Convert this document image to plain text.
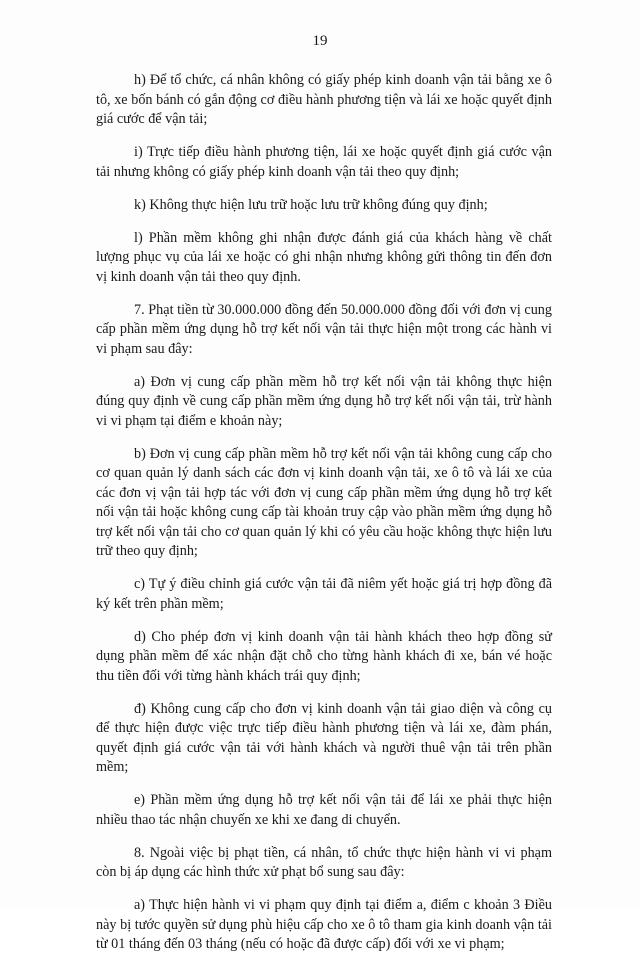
19

h) Để tổ chức, cá nhân không có giấy phép kinh doanh vận tải bằng xe ô tô, xe bốn bánh có gắn động cơ điều hành phương tiện và lái xe hoặc quyết định giá cước để vận tải;

i) Trực tiếp điều hành phương tiện, lái xe hoặc quyết định giá cước vận tải nhưng không có giấy phép kinh doanh vận tải theo quy định;

k) Không thực hiện lưu trữ hoặc lưu trữ không đúng quy định;

l) Phần mềm không ghi nhận được đánh giá của khách hàng về chất lượng phục vụ của lái xe hoặc có ghi nhận nhưng không gửi thông tin đến đơn vị kinh doanh vận tải theo quy định.

7. Phạt tiền từ 30.000.000 đồng đến 50.000.000 đồng đối với đơn vị cung cấp phần mềm ứng dụng hỗ trợ kết nối vận tải thực hiện một trong các hành vi vi phạm sau đây:

a) Đơn vị cung cấp phần mềm hỗ trợ kết nối vận tải không thực hiện đúng quy định về cung cấp phần mềm ứng dụng hỗ trợ kết nối vận tải, trừ hành vi vi phạm tại điểm e khoản này;

b) Đơn vị cung cấp phần mềm hỗ trợ kết nối vận tải không cung cấp cho cơ quan quản lý danh sách các đơn vị kinh doanh vận tải, xe ô tô và lái xe của các đơn vị vận tải hợp tác với đơn vị cung cấp phần mềm ứng dụng hỗ trợ kết nối vận tải hoặc không cung cấp tài khoản truy cập vào phần mềm ứng dụng hỗ trợ kết nối vận tải cho cơ quan quản lý khi có yêu cầu hoặc không thực hiện lưu trữ theo quy định;

c) Tự ý điều chỉnh giá cước vận tải đã niêm yết hoặc giá trị hợp đồng đã ký kết trên phần mềm;

d) Cho phép đơn vị kinh doanh vận tải hành khách theo hợp đồng sử dụng phần mềm để xác nhận đặt chỗ cho từng hành khách đi xe, bán vé hoặc thu tiền đối với từng hành khách trái quy định;

đ) Không cung cấp cho đơn vị kinh doanh vận tải giao diện và công cụ để thực hiện được việc trực tiếp điều hành phương tiện và lái xe, đàm phán, quyết định giá cước vận tải với hành khách và người thuê vận tải trên phần mềm;

e) Phần mềm ứng dụng hỗ trợ kết nối vận tải để lái xe phải thực hiện nhiều thao tác nhận chuyến xe khi xe đang di chuyển.

8. Ngoài việc bị phạt tiền, cá nhân, tổ chức thực hiện hành vi vi phạm còn bị áp dụng các hình thức xử phạt bổ sung sau đây:

a) Thực hiện hành vi vi phạm quy định tại điểm a, điểm c khoản 3 Điều này bị tước quyền sử dụng phù hiệu cấp cho xe ô tô tham gia kinh doanh vận tải từ 01 tháng đến 03 tháng (nếu có hoặc đã được cấp) đối với xe vi phạm;
